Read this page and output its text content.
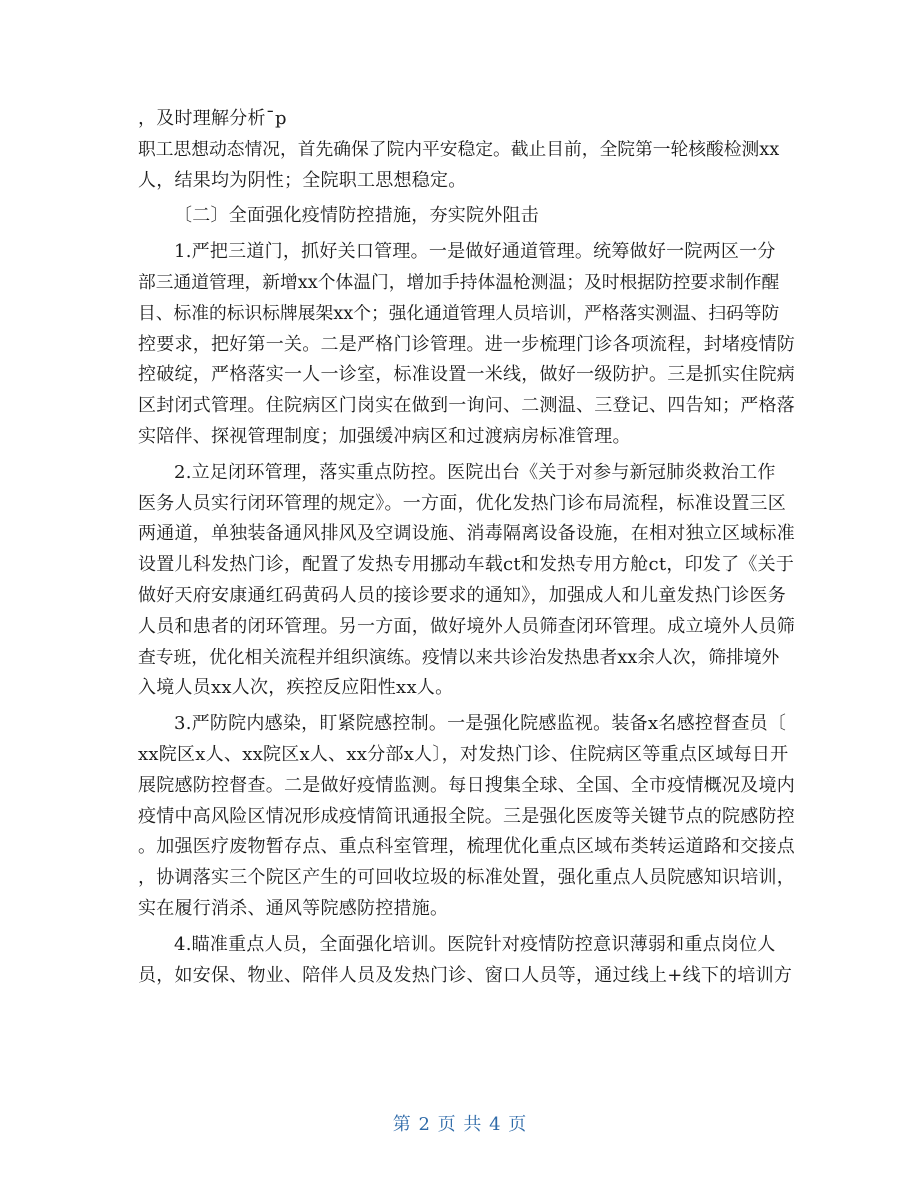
，及时理解分析ˉp
职工思想动态情况，首先确保了院内平安稳定。截止目前，全院第一轮核酸检测xx
人，结果均为阴性；全院职工思想稳定。
〔二〕全面强化疫情防控措施，夯实院外阻击
1.严把三道门，抓好关口管理。一是做好通道管理。统筹做好一院两区一分
部三通道管理，新增xx个体温门，增加手持体温枪测温；及时根据防控要求制作醒
目、标准的标识标牌展架xx个；强化通道管理人员培训，严格落实测温、扫码等防
控要求，把好第一关。二是严格门诊管理。进一步梳理门诊各项流程，封堵疫情防
控破绽，严格落实一人一诊室，标准设置一米线，做好一级防护。三是抓实住院病
区封闭式管理。住院病区门岗实在做到一询问、二测温、三登记、四告知；严格落
实陪伴、探视管理制度；加强缓冲病区和过渡病房标准管理。
2.立足闭环管理，落实重点防控。医院出台《关于对参与新冠肺炎救治工作
医务人员实行闭环管理的规定》。一方面，优化发热门诊布局流程，标准设置三区
两通道，单独装备通风排风及空调设施、消毒隔离设备设施，在相对独立区域标准
设置儿科发热门诊，配置了发热专用挪动车载ct和发热专用方舱ct，印发了《关于
做好天府安康通红码黄码人员的接诊要求的通知》，加强成人和儿童发热门诊医务
人员和患者的闭环管理。另一方面，做好境外人员筛查闭环管理。成立境外人员筛
查专班，优化相关流程并组织演练。疫情以来共诊治发热患者xx余人次，筛排境外
入境人员xx人次，疾控反应阳性xx人。
3.严防院内感染，盯紧院感控制。一是强化院感监视。装备x名感控督查员〔
xx院区x人、xx院区x人、xx分部x人〕，对发热门诊、住院病区等重点区域每日开
展院感防控督查。二是做好疫情监测。每日搜集全球、全国、全市疫情概况及境内
疫情中高风险区情况形成疫情简讯通报全院。三是强化医废等关键节点的院感防控
。加强医疗废物暂存点、重点科室管理，梳理优化重点区域布类转运道路和交接点
，协调落实三个院区产生的可回收垃圾的标准处置，强化重点人员院感知识培训，
实在履行消杀、通风等院感防控措施。
4.瞄准重点人员，全面强化培训。医院针对疫情防控意识薄弱和重点岗位人
员，如安保、物业、陪伴人员及发热门诊、窗口人员等，通过线上+线下的培训方
第 2 页 共 4 页
